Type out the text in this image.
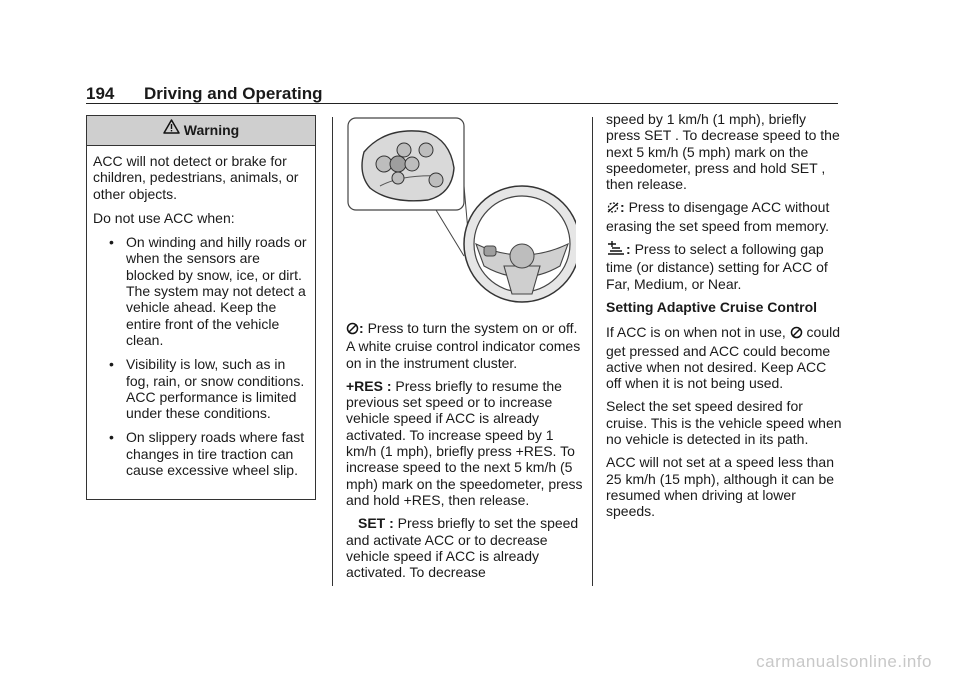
194 Driving and Operating
Warning

ACC will not detect or brake for children, pedestrians, animals, or other objects.

Do not use ACC when:

• On winding and hilly roads or when the sensors are blocked by snow, ice, or dirt. The system may not detect a vehicle ahead. Keep the entire front of the vehicle clean.
• Visibility is low, such as in fog, rain, or snow conditions. ACC performance is limited under these conditions.
• On slippery roads where fast changes in tire traction can cause excessive wheel slip.

: Press to turn the system on or off. A white cruise control indicator comes on in the instrument cluster.

+RES : Press briefly to resume the previous set speed or to increase vehicle speed if ACC is already activated. To increase speed by 1 km/h (1 mph), briefly press +RES. To increase speed to the next 5 km/h (5 mph) mark on the speedometer, press and hold +RES, then release.

SET : Press briefly to set the speed and activate ACC or to decrease vehicle speed if ACC is already activated. To decrease

speed by 1 km/h (1 mph), briefly press SET . To decrease speed to the next 5 km/h (5 mph) mark on the speedometer, press and hold SET , then release.

: Press to disengage ACC without erasing the set speed from memory.

: Press to select a following gap time (or distance) setting for ACC of Far, Medium, or Near.

Setting Adaptive Cruise Control

If ACC is on when not in use, could get pressed and ACC could become active when not desired. Keep ACC off when it is not being used.

Select the set speed desired for cruise. This is the vehicle speed when no vehicle is detected in its path.

ACC will not set at a speed less than 25 km/h (15 mph), although it can be resumed when driving at lower speeds.

carmanualsonline.info
